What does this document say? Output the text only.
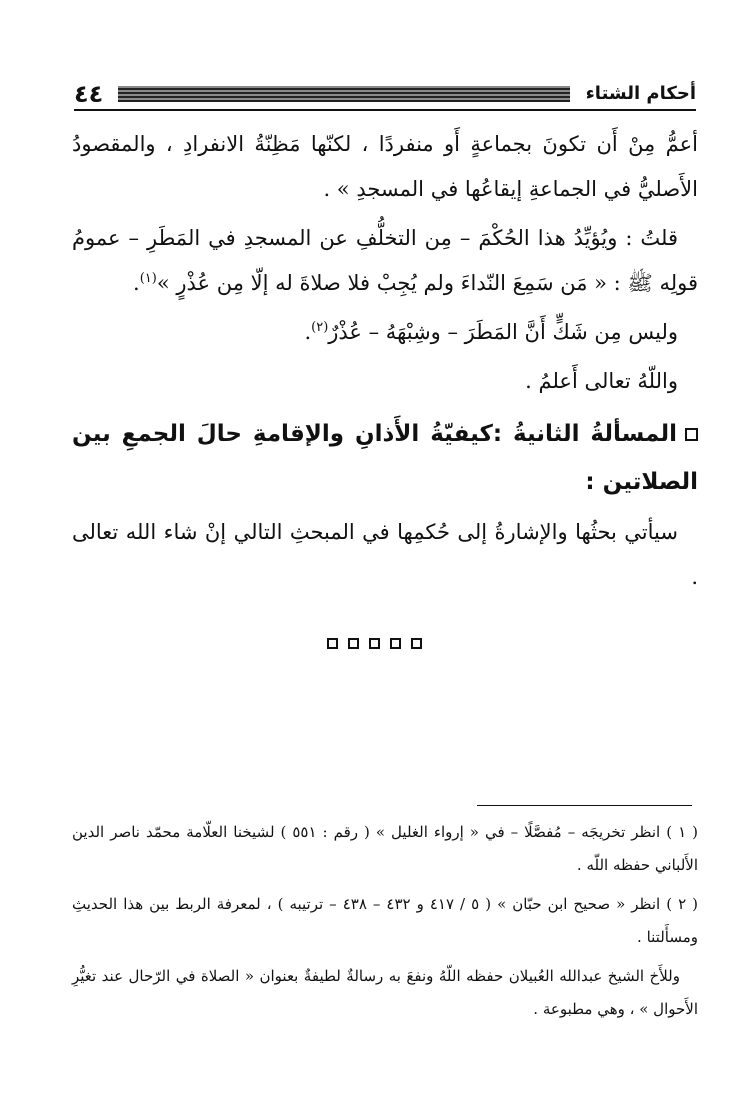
أحكام الشتاء
٤٤

أعمُّ مِنْ أَن تكونَ بجماعةٍ أَو منفردًا ، لكنّها مَظِنّةُ الانفرادِ ، والمقصودُ الأَصليُّ في الجماعةِ إيقاعُها في المسجدِ » .

قلتُ : ويُؤيِّدُ هذا الحُكْمَ – مِن التخلُّفِ عن المسجدِ في المَطَرِ – عمومُ قولِه ﷺ : « مَن سَمِعَ النّداءَ ولم يُجِبْ فلا صلاةَ له إلّا مِن عُذْرٍ »$^{(١)}$.

وليس مِن شَكٍّ أَنَّ المَطَرَ – وشِبْهَهُ – عُذْرٌ$^{(٢)}$.

واللّهُ تعالى أَعلمُ .

المسألةُ الثانيةُ :كيفيّةُ الأَذانِ والإقامةِ حالَ الجمعِ بين الصلاتين :

سيأتي بحثُها والإشارةُ إلى حُكمِها في المبحثِ التالي إنْ شاء الله تعالى .

( ١ ) انظر تخريجَه – مُفصَّلًا – في « إرواء الغليل » ( رقم : ٥٥١ ) لشيخنا العلّامة محمّد ناصر الدين الأَلباني حفظه اللّه .

( ٢ ) انظر « صحيح ابن حبّان » ( ٥ / ٤١٧ و ٤٣٢ – ٤٣٨ – ترتيبه ) ، لمعرفة الربط بين هذا الحديثِ ومسأَلتنا .

وللأَخ الشيخ عبدالله العُبيلان حفظه اللّهُ ونفعَ به رسالةٌ لطيفةٌ بعنوان « الصلاة في الرّحال عند تغيُّرِ الأَحوال » ، وهي مطبوعة .
